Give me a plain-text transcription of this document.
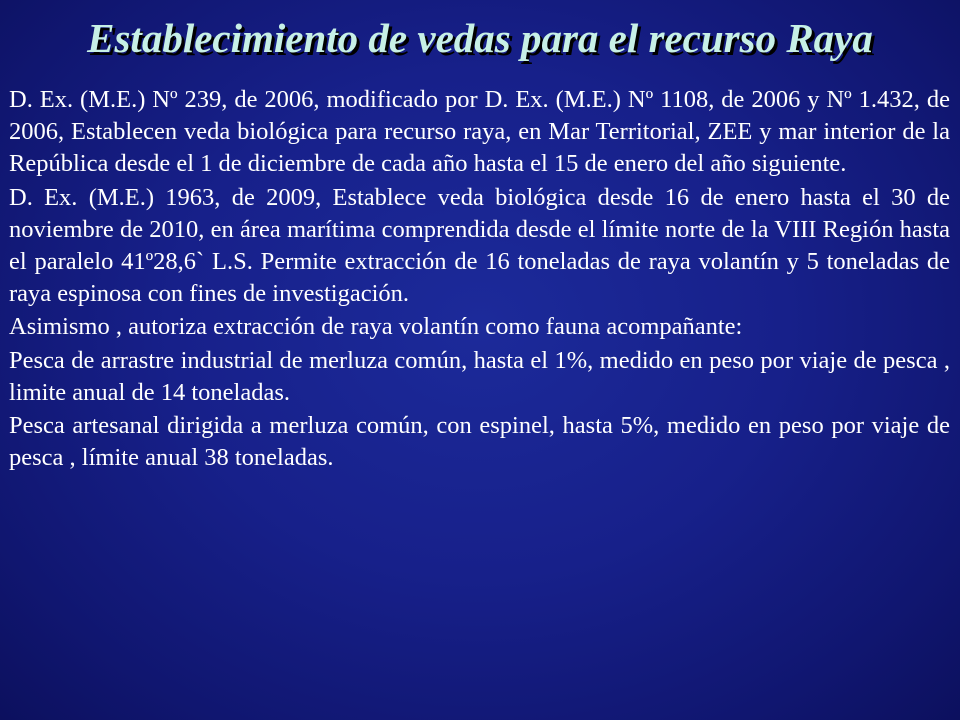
Establecimiento de vedas para el recurso Raya

D. Ex. (M.E.) Nº 239, de 2006, modificado por D. Ex. (M.E.) Nº 1108, de 2006 y Nº 1.432, de 2006, Establecen veda biológica para recurso raya, en Mar Territorial, ZEE y mar interior de la República desde el 1 de diciembre de cada año hasta el 15 de enero del año siguiente.

D. Ex. (M.E.) 1963, de 2009, Establece veda biológica desde 16 de enero hasta el 30 de noviembre de 2010, en área marítima comprendida desde el límite norte de la VIII Región hasta el paralelo 41º28,6` L.S. Permite extracción de 16 toneladas de raya volantín y 5 toneladas de raya espinosa con fines de investigación.

Asimismo , autoriza extracción de raya volantín como fauna acompañante:

Pesca de arrastre industrial de merluza común, hasta el 1%, medido en peso por viaje de pesca , limite anual de 14 toneladas.

Pesca artesanal dirigida a merluza común, con espinel, hasta 5%, medido en peso por viaje de pesca , límite anual 38 toneladas.
